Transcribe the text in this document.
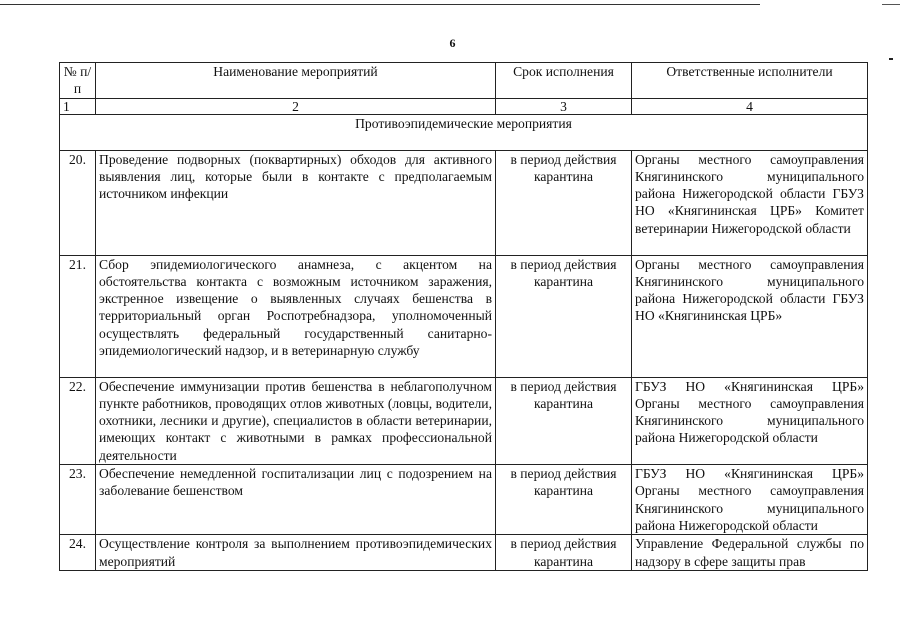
6
№ п/п	Наименование мероприятий	Срок исполнения	Ответственные исполнители
1	2	3	4
Противоэпидемические мероприятия			
20.	Проведение подворных (поквартирных) обходов для активного выявления лиц, которые были в контакте с предполагаемым источником инфекции	в период действия карантина	Органы местного самоуправления Княгининского муниципального района Нижегородской области ГБУЗ НО «Княгининская ЦРБ» Комитет ветеринарии Нижегородской области
21.	Сбор эпидемиологического анамнеза, с акцентом на обстоятельства контакта с возможным источником заражения, экстренное извещение о выявленных случаях бешенства в территориальный орган Роспотребнадзора, уполномоченный осуществлять федеральный государственный санитарно-эпидемиологический надзор, и в ветеринарную службу	в период действия карантина	Органы местного самоуправления Княгининского муниципального района Нижегородской области ГБУЗ НО «Княгининская ЦРБ»
22.	Обеспечение иммунизации против бешенства в неблагополучном пункте работников, проводящих отлов животных (ловцы, водители, охотники, лесники и другие), специалистов в области ветеринарии, имеющих контакт с животными в рамках профессиональной деятельности	в период действия карантина	ГБУЗ НО «Княгининская ЦРБ» Органы местного самоуправления Княгининского муниципального района Нижегородской области
23.	Обеспечение немедленной госпитализации лиц с подозрением на заболевание бешенством	в период действия карантина	ГБУЗ НО «Княгининская ЦРБ» Органы местного самоуправления Княгининского муниципального района Нижегородской области
24.	Осуществление контроля за выполнением противоэпидемических мероприятий	в период действия карантина	Управление Федеральной службы по надзору в сфере защиты прав
